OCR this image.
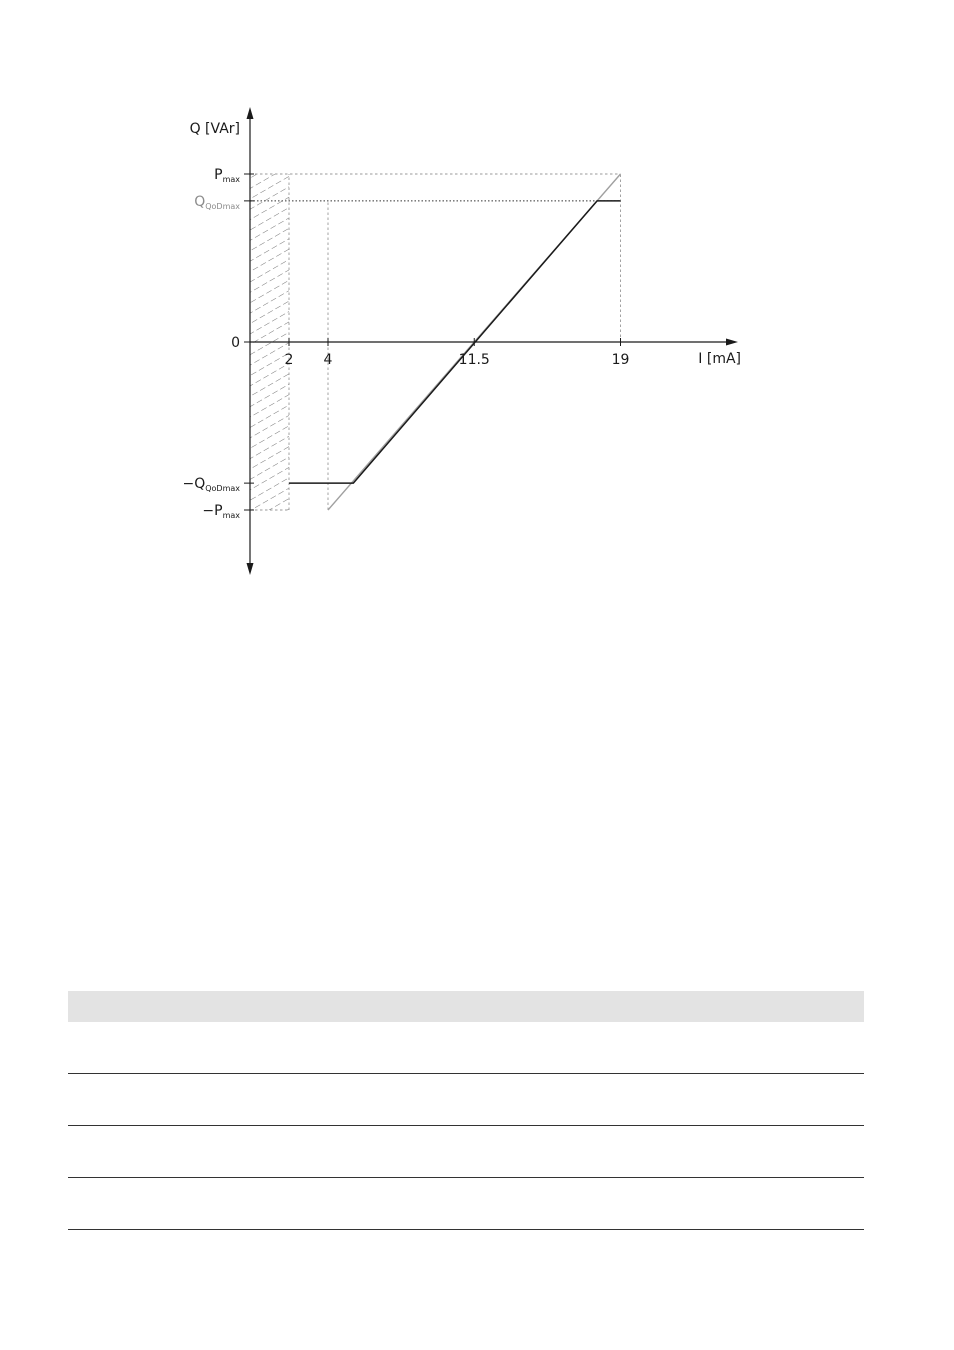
2 4	11.5	19
$P_{max}$
$Q_{QoDmax}$
0
$-Q_{QoDmax}$
$-P_{max}$
Q [VAr]
I [mA]
